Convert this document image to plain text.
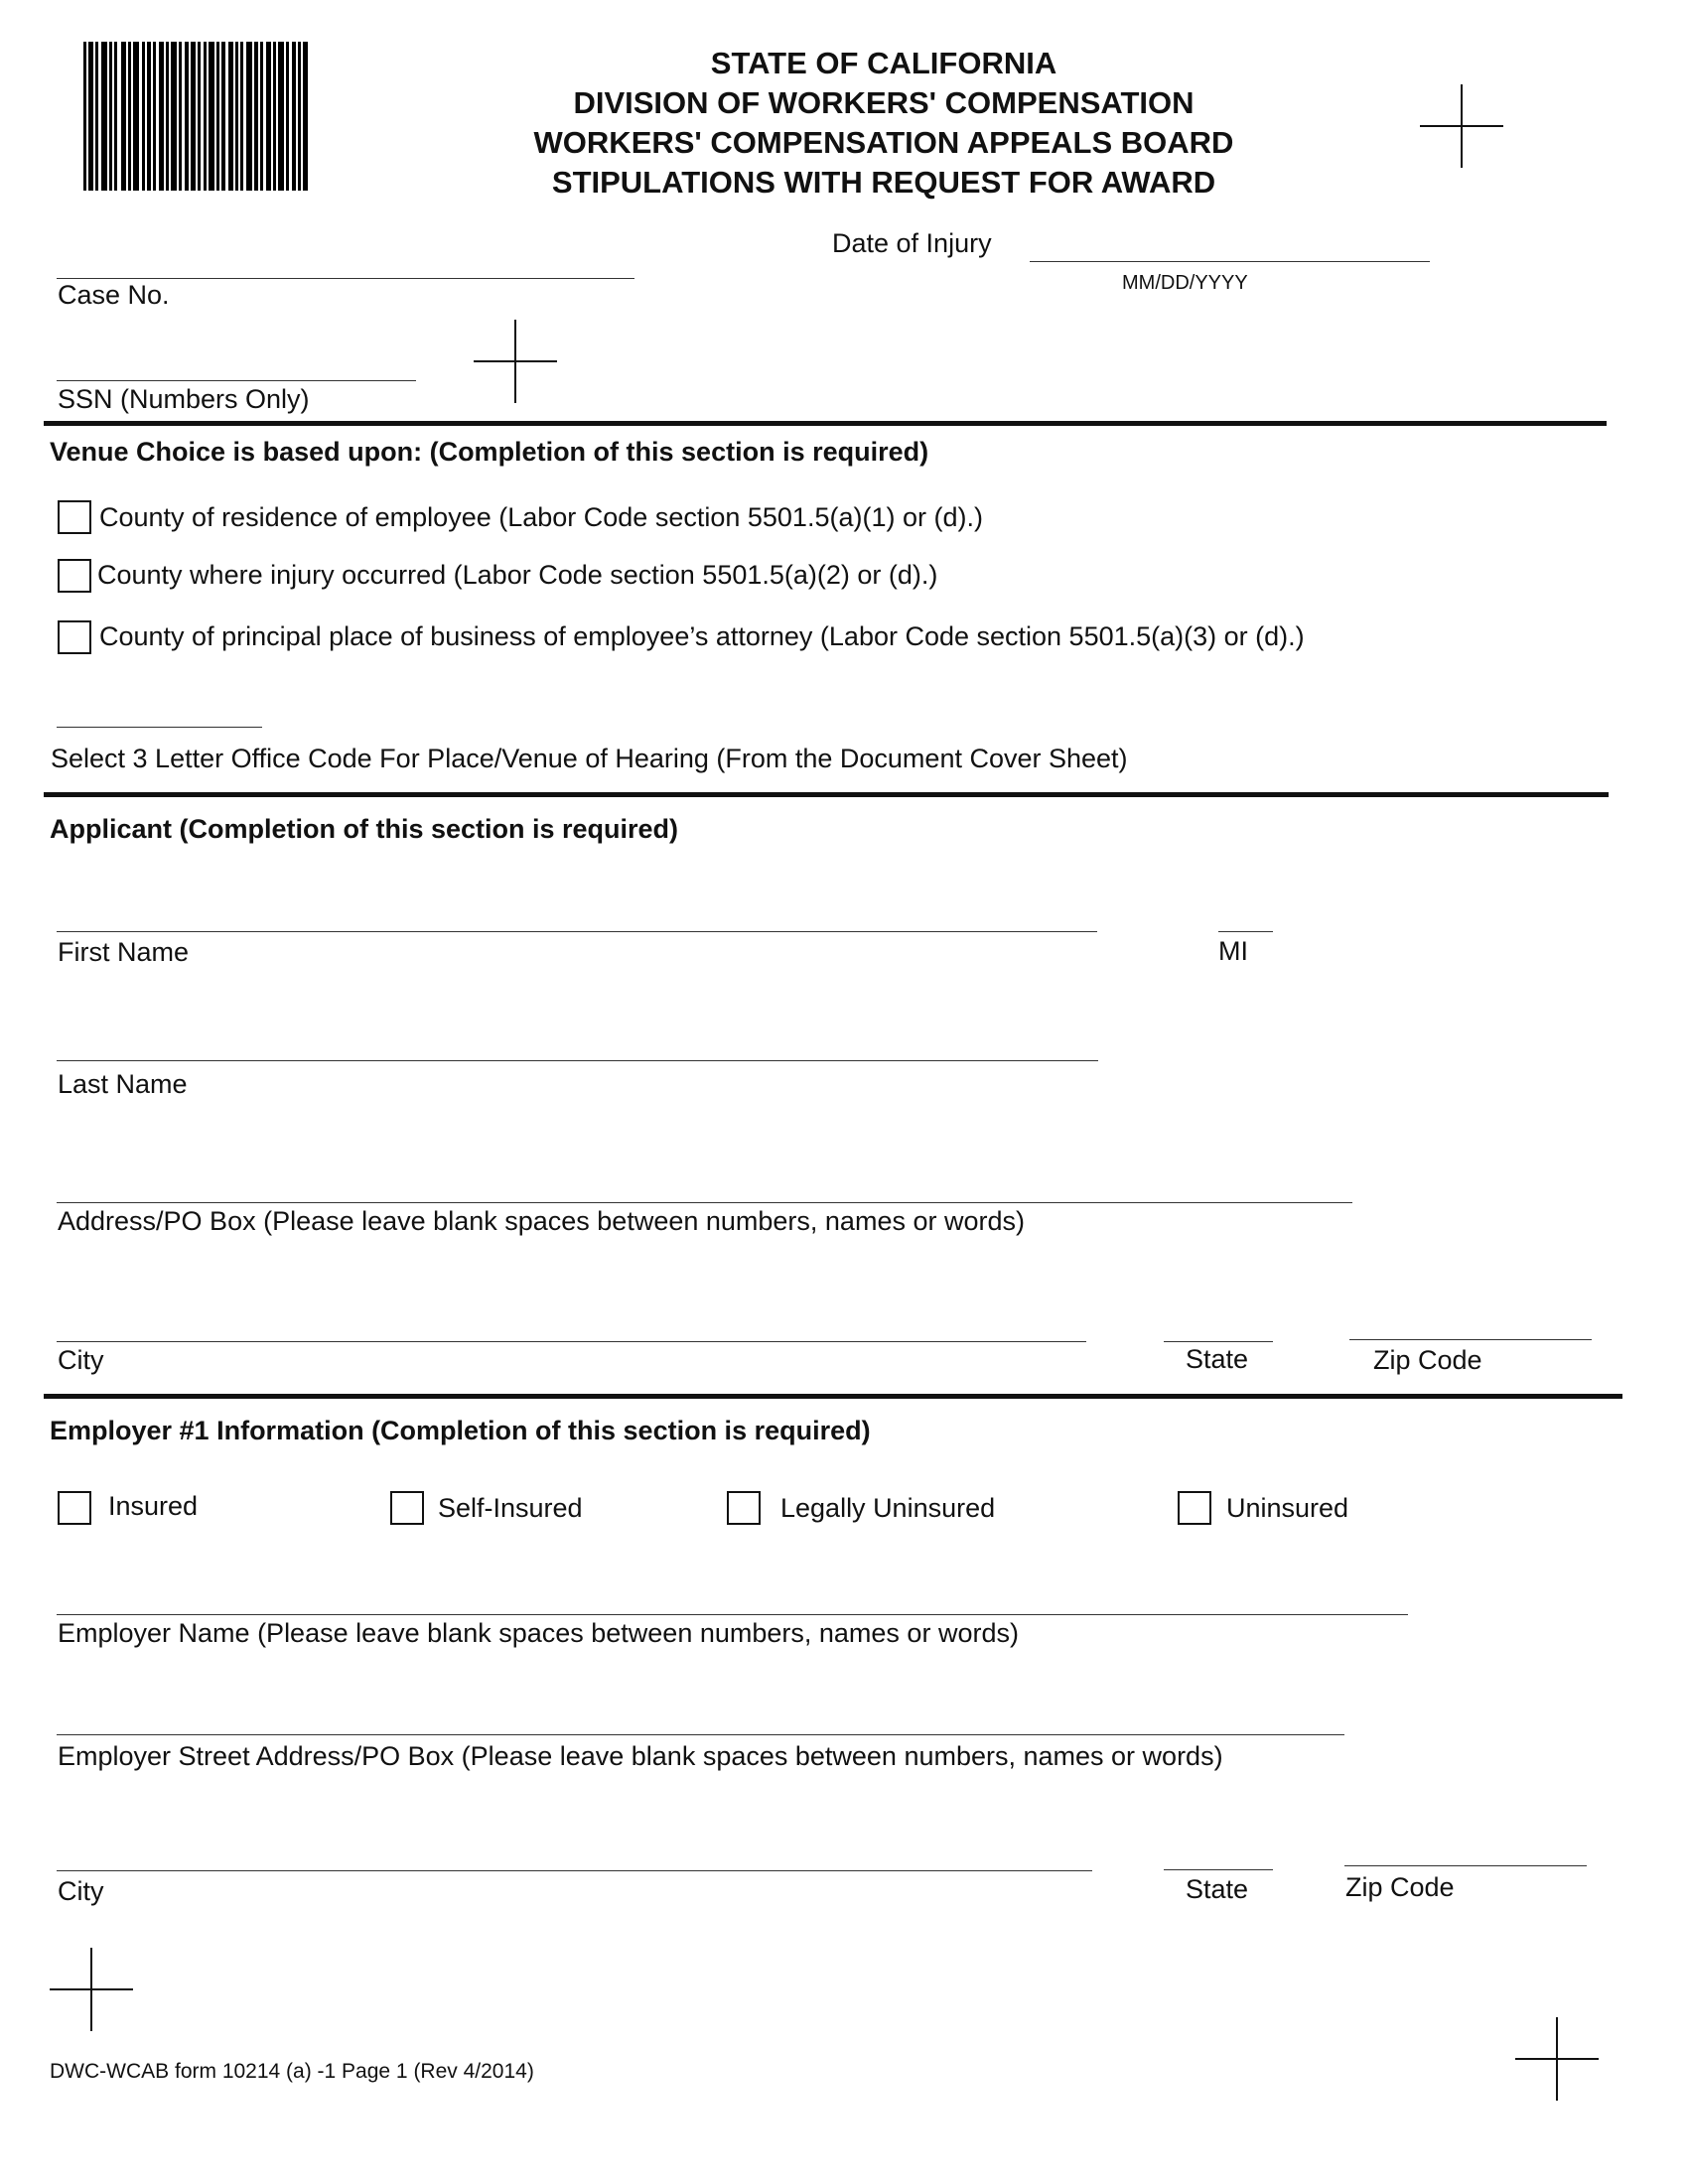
STATE OF CALIFORNIA
DIVISION OF WORKERS' COMPENSATION
WORKERS' COMPENSATION APPEALS BOARD
STIPULATIONS WITH REQUEST FOR AWARD
Date of Injury
MM/DD/YYYY
Case No.
SSN (Numbers Only)
Venue Choice is based upon: (Completion of this section is required)
County of residence of employee (Labor Code section 5501.5(a)(1) or (d).)
County where injury occurred (Labor Code section 5501.5(a)(2) or (d).)
County of principal place of business of employee’s attorney (Labor Code section 5501.5(a)(3) or (d).)
Select 3 Letter Office Code For Place/Venue of Hearing (From the Document Cover Sheet)
Applicant (Completion of this section is required)
First Name	MI
Last Name
Address/PO Box (Please leave blank spaces between numbers, names or words)
City	State	Zip Code
Employer #1 Information (Completion of this section is required)
Insured	Self-Insured	Legally Uninsured	Uninsured
Employer Name (Please leave blank spaces between numbers, names or words)
Employer Street Address/PO Box (Please leave blank spaces between numbers, names or words)
City	State	Zip Code
DWC-WCAB form 10214 (a) -1 Page 1 (Rev 4/2014)
